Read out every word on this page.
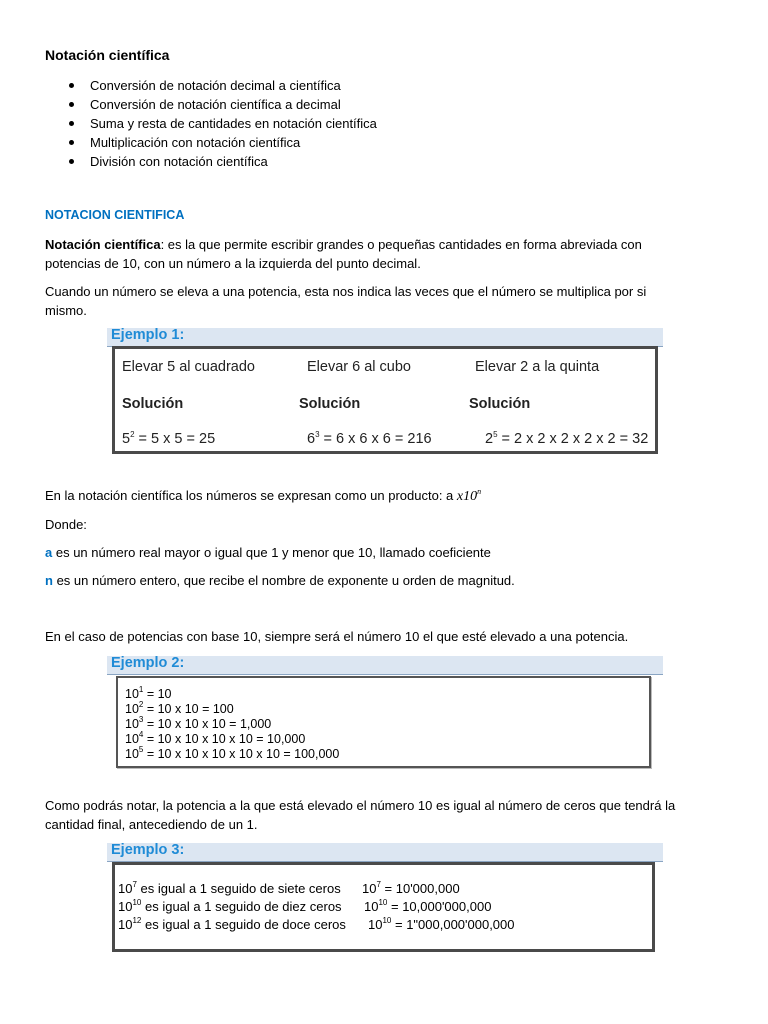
Notación científica
Conversión de notación decimal a científica
Conversión de notación científica a decimal
Suma y resta de cantidades en notación científica
Multiplicación con notación científica
División con notación científica
NOTACION CIENTIFICA

Notación científica: es la que permite escribir grandes o pequeñas cantidades en forma abreviada con
potencias de 10, con un número a la izquierda del punto decimal.

Cuando un número se eleva a una potencia, esta nos indica las veces que el número se multiplica por si
mismo.

Ejemplo 1:
Elevar 5 al cuadrado	Elevar 6 al cubo	Elevar 2 a la quinta
Solución	Solución	Solución
$5^2 = 5$ x 5 = 25	$6^3 = 6$ x 6 x 6 = 216	$2^5 = 2$ x 2 x 2 x 2 x 2 = 32

En la notación científica los números se expresan como un producto: a x10$^n$

Donde:

a es un número real mayor o igual que 1 y menor que 10, llamado coeficiente

n es un número entero, que recibe el nombre de exponente u orden de magnitud.

En el caso de potencias con base 10, siempre será el número 10 el que esté elevado a una potencia.

Ejemplo 2:
$10^1 = 10$
$10^2 = 10$ x 10 = 100
$10^3 = 10$ x 10 x 10 = 1,000
$10^4 = 10$ x 10 x 10 x 10 = 10,000
$10^5 = 10$ x 10 x 10 x 10 x 10 = 100,000

Como podrás notar, la potencia a la que está elevado el número 10 es igual al número de ceros que tendrá la
cantidad final, antecediendo de un 1.

Ejemplo 3:
$10^7$ es igual a 1 seguido de siete ceros $10^7 = 10'000,000$
$10^{10}$ es igual a 1 seguido de diez ceros $10^{10} = 10,000'000,000$
$10^{12}$ es igual a 1 seguido de doce ceros $10^{10}$ = 1"000,000'000,000
